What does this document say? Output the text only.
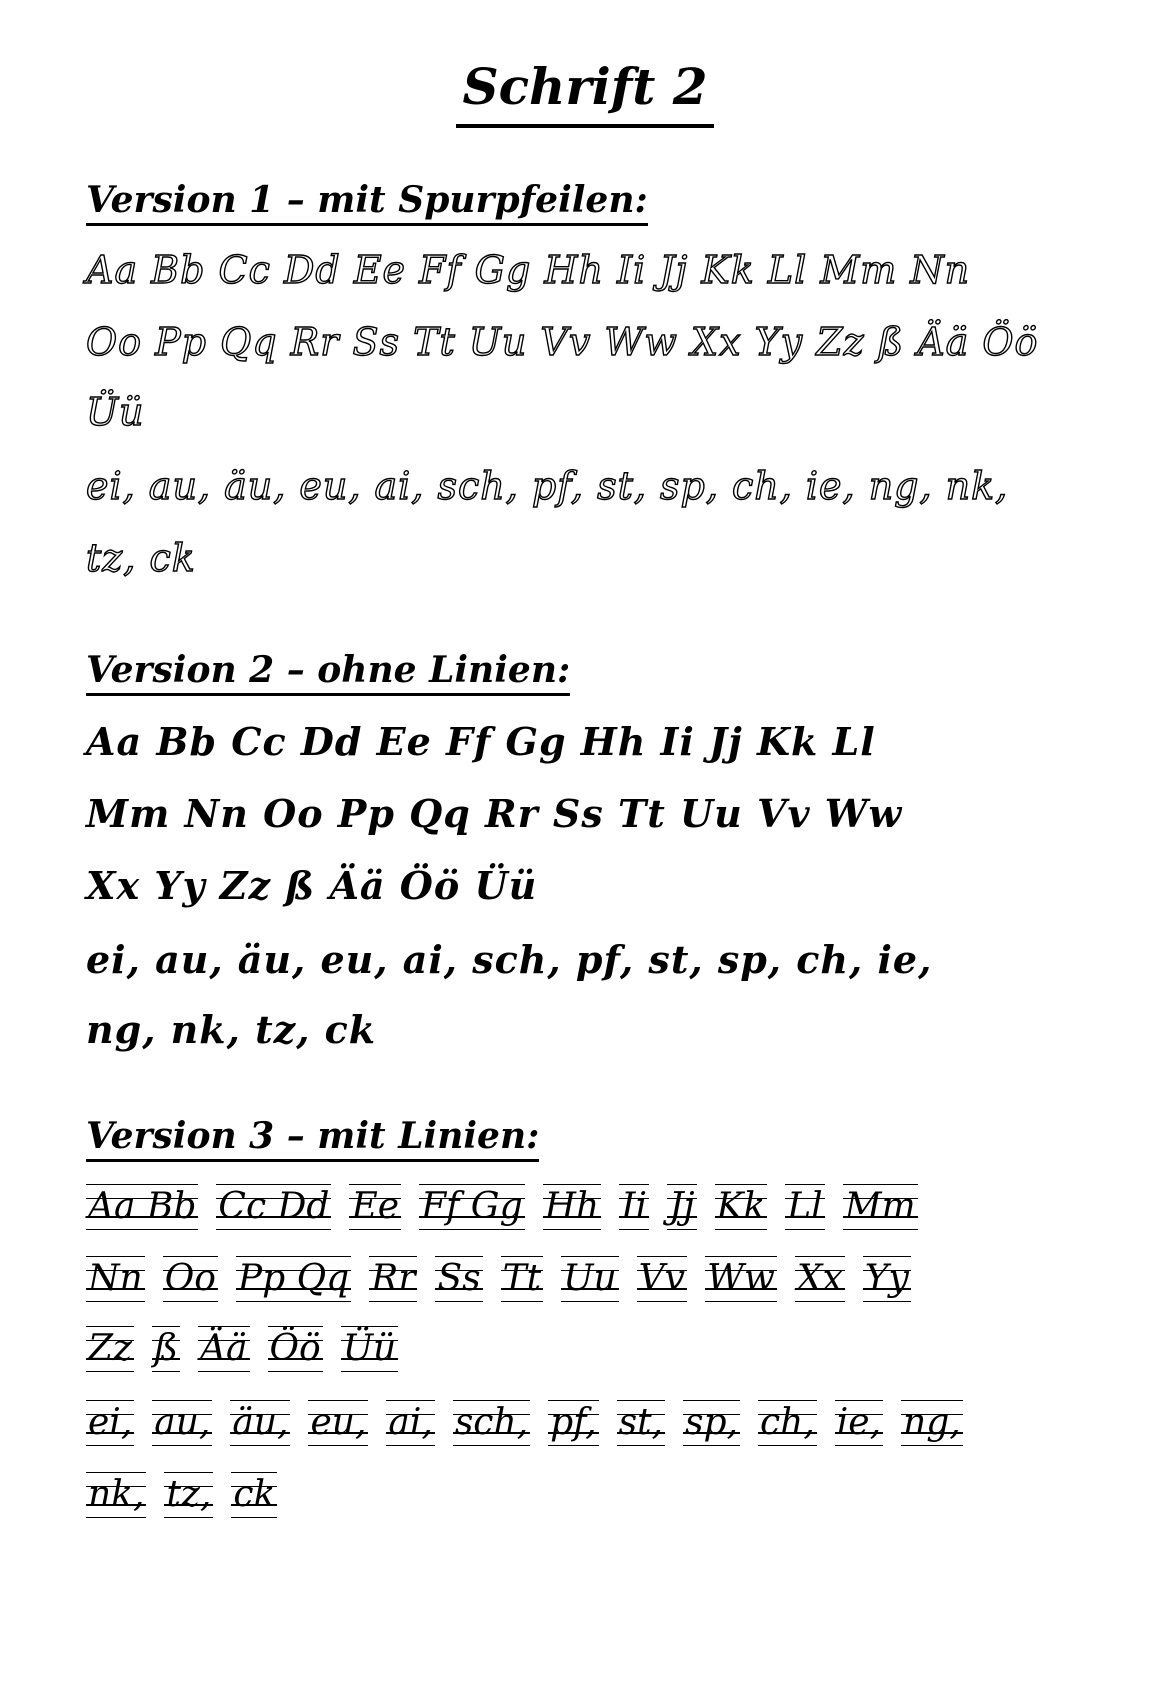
Schrift 2
Version 1 – mit Spurpfeilen:
Aa Bb Cc Dd Ee Ff Gg Hh Ii Jj Kk Ll Mm Nn
Oo Pp Qq Rr Ss Tt Uu Vv Ww Xx Yy Zz ß Ää Öö
Üü
ei, au, äu, eu, ai, sch, pf, st, sp, ch, ie, ng, nk,
tz, ck
Version 2 – ohne Linien:
Aa Bb Cc Dd Ee Ff Gg Hh Ii Jj Kk Ll
Mm Nn Oo Pp Qq Rr Ss Tt Uu Vv Ww
Xx Yy Zz ß Ää Öö Üü
ei, au, äu, eu, ai, sch, pf, st, sp, ch, ie,
ng, nk, tz, ck
Version 3 – mit Linien:
Aa Bb Cc Dd Ee Ff Gg Hh Ii Jj Kk Ll Mm
Nn Oo Pp Qq Rr Ss Tt Uu Vv Ww Xx Yy
Zz ß Ää Öö Üü
ei, au, äu, eu, ai, sch, pf, st, sp, ch, ie, ng,
nk, tz, ck
